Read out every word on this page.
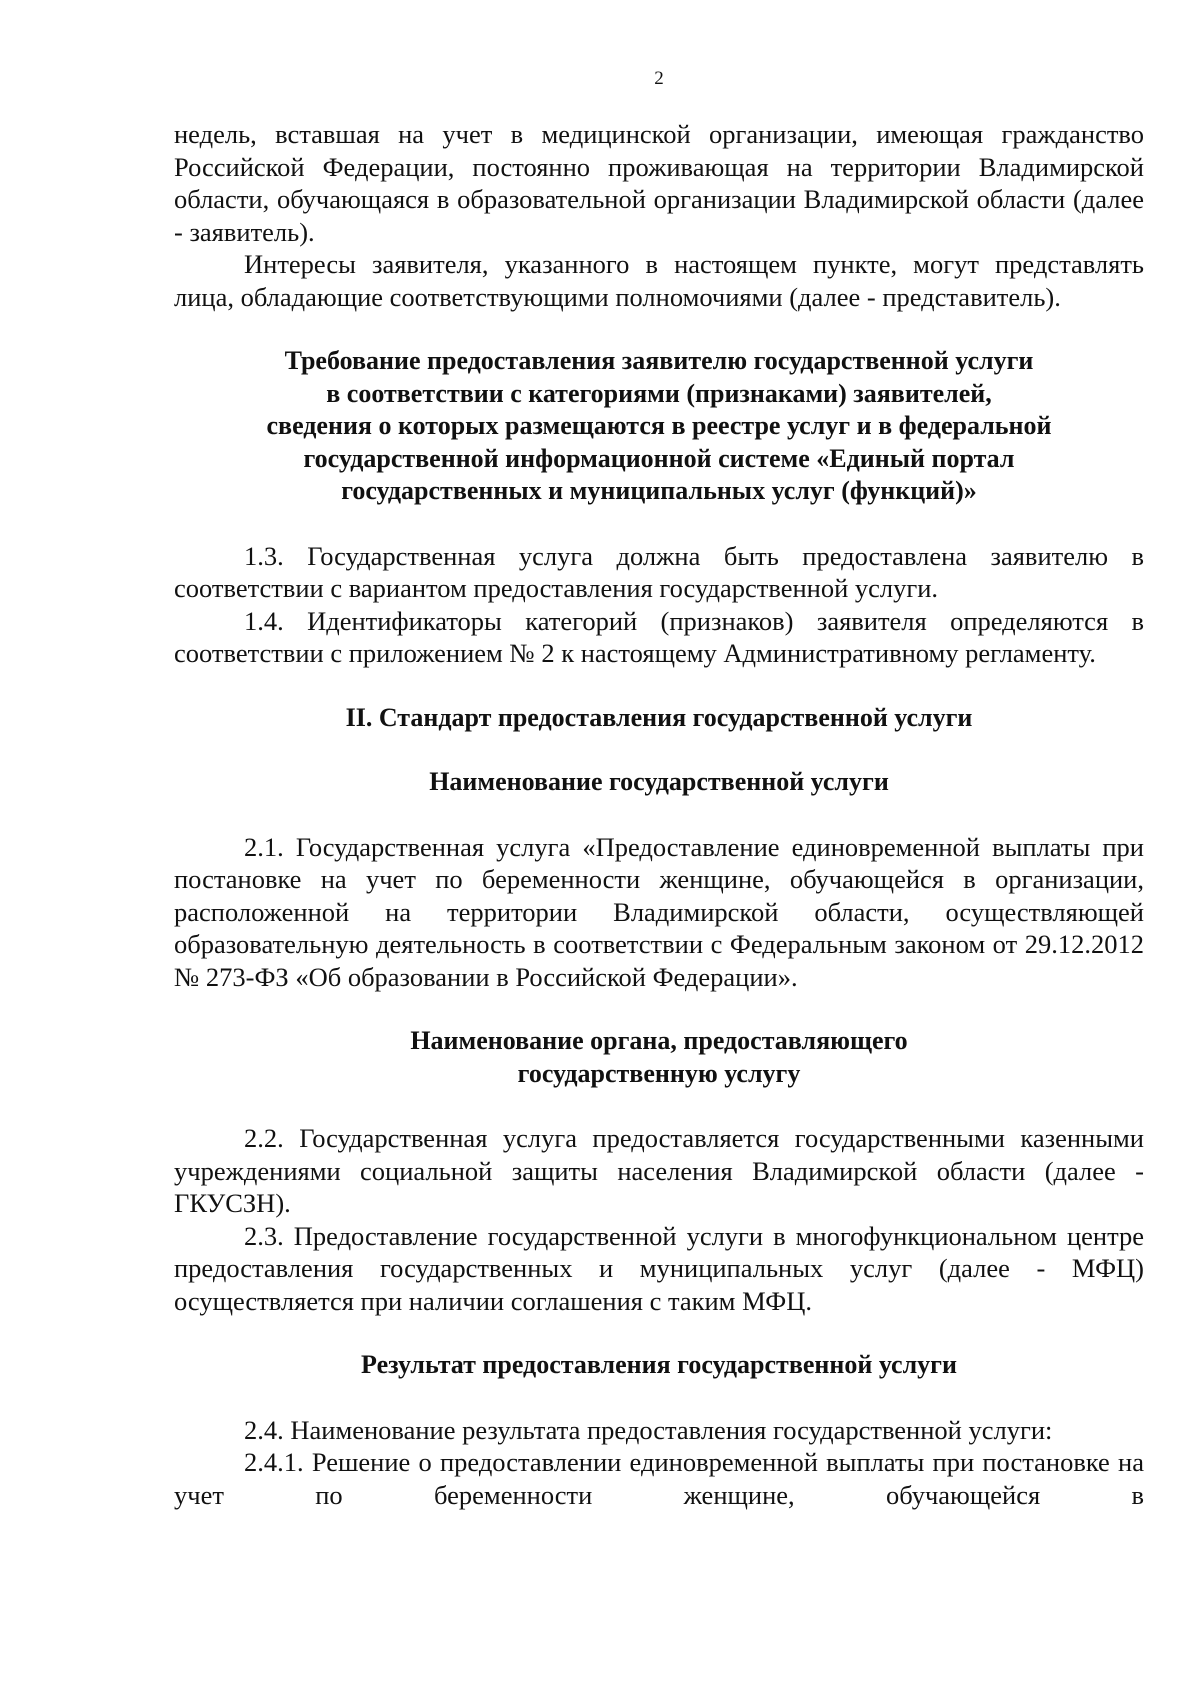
2

недель, вставшая на учет в медицинской организации, имеющая гражданство Российской Федерации, постоянно проживающая на территории Владимирской области, обучающаяся в образовательной организации Владимирской области (далее - заявитель).

Интересы заявителя, указанного в настоящем пункте, могут представлять лица, обладающие соответствующими полномочиями (далее - представитель).

Требование предоставления заявителю государственной услуги
в соответствии с категориями (признаками) заявителей,
сведения о которых размещаются в реестре услуг и в федеральной
государственной информационной системе «Единый портал
государственных и муниципальных услуг (функций)»

1.3. Государственная услуга должна быть предоставлена заявителю в соответствии с вариантом предоставления государственной услуги.

1.4. Идентификаторы категорий (признаков) заявителя определяются в соответствии с приложением № 2 к настоящему Административному регламенту.

II. Стандарт предоставления государственной услуги
Наименование государственной услуги

2.1. Государственная услуга «Предоставление единовременной выплаты при постановке на учет по беременности женщине, обучающейся в организации, расположенной на территории Владимирской области, осуществляющей образовательную деятельность в соответствии с Федеральным законом от 29.12.2012 № 273-ФЗ «Об образовании в Российской Федерации».

Наименование органа, предоставляющего
государственную услугу

2.2. Государственная услуга предоставляется государственными казенными учреждениями социальной защиты населения Владимирской области (далее - ГКУСЗН).

2.3. Предоставление государственной услуги в многофункциональном центре предоставления государственных и муниципальных услуг (далее - МФЦ) осуществляется при наличии соглашения с таким МФЦ.

Результат предоставления государственной услуги

2.4. Наименование результата предоставления государственной услуги:

2.4.1. Решение о предоставлении единовременной выплаты при постановке на учет по беременности женщине, обучающейся в
